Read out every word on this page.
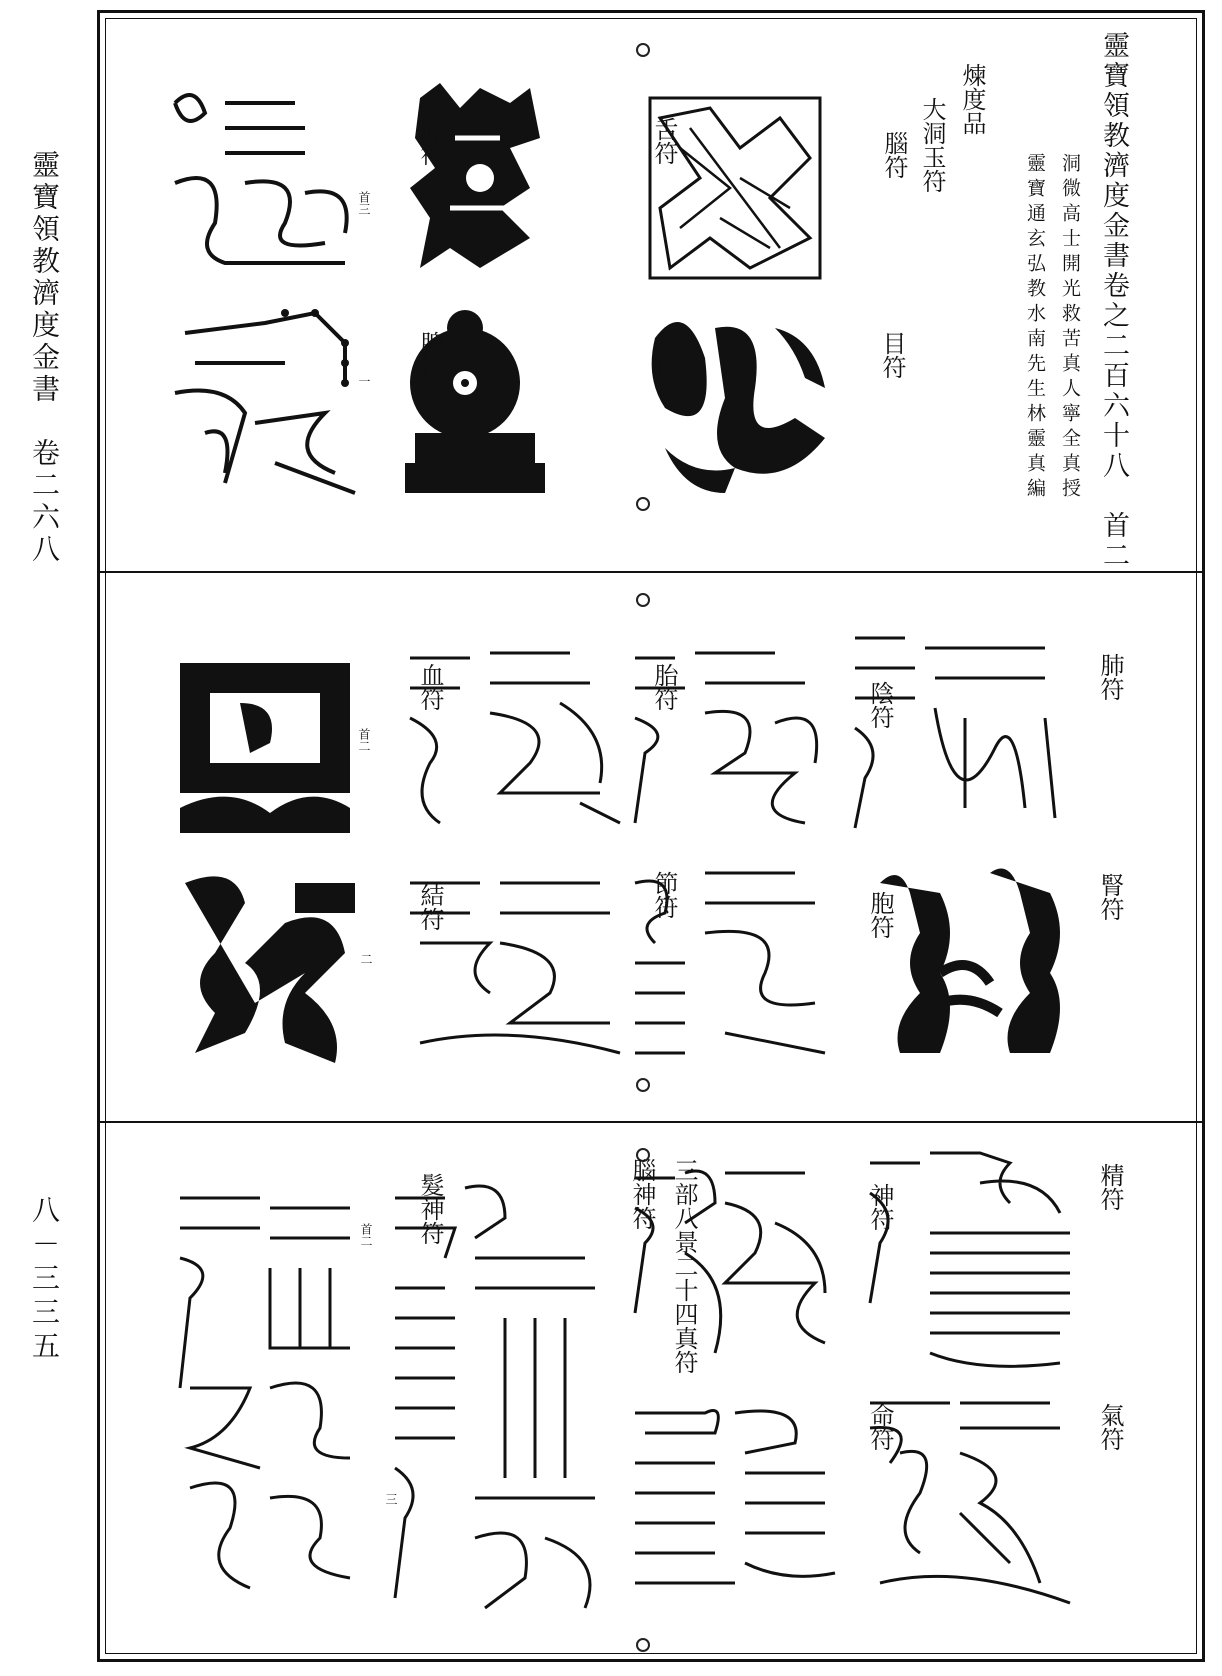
靈寶領教濟度金書　卷二六八
八－三三五
靈寶領教濟度金書卷之二百六十八　首二
洞微高士開光救苦真人寧全真授
靈寶通玄弘教水南先生林靈真編
煉度品
大洞玉符
腦符
目符
舌符
心符
肝符
首三
脾符
一
肺符
腎符
陰符
胞符
胎符
節符
血符
首二
結符
二
精符
氣符
神符
命符
三部八景二十四真符
腦神符
三
髮神符
首二
